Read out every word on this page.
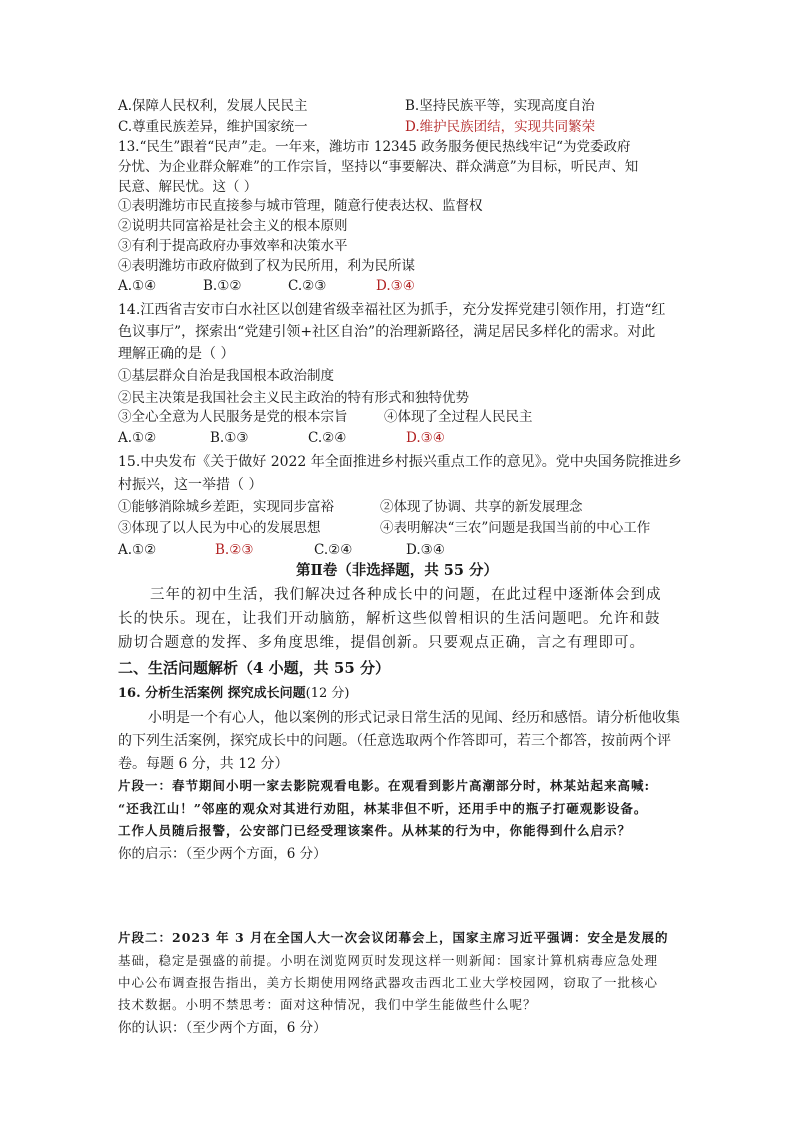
A.保障人民权利，发展人民民主	B.坚持民族平等，实现高度自治
C.尊重民族差异，维护国家统一	D.维护民族团结，实现共同繁荣
13.“民生”跟着“民声”走。一年来，潍坊市 12345 政务服务便民热线牢记“为党委政府
分忧、为企业群众解难”的工作宗旨，坚持以“事要解决、群众满意”为目标，听民声、知
民意、解民忧。这（ ）
①表明潍坊市民直接参与城市管理，随意行使表达权、监督权
②说明共同富裕是社会主义的根本原则
③有利于提高政府办事效率和决策水平
④表明潍坊市政府做到了权为民所用，利为民所谋
A.①④	B.①②	C.②③	D.③④
14.江西省吉安市白水社区以创建省级幸福社区为抓手，充分发挥党建引领作用，打造“红
色议事厅”，探索出“党建引领+社区自治”的治理新路径，满足居民多样化的需求。对此
理解正确的是（ ）
①基层群众自治是我国根本政治制度
②民主决策是我国社会主义民主政治的特有形式和独特优势
③全心全意为人民服务是党的根本宗旨	④体现了全过程人民民主
A.①②	B.①③	C.②④	D.③④
15.中央发布《关于做好 2022 年全面推进乡村振兴重点工作的意见》。党中央国务院推进乡
村振兴，这一举措（ ）
①能够消除城乡差距，实现同步富裕	②体现了协调、共享的新发展理念
③体现了以人民为中心的发展思想	④表明解决“三农”问题是我国当前的中心工作
A.①②	B.②③	C.②④	D.③④
第Ⅱ卷（非选择题，共 55 分）
三年的初中生活，我们解决过各种成长中的问题，在此过程中逐渐体会到成
长的快乐。现在，让我们开动脑筋，解析这些似曾相识的生活问题吧。允许和鼓
励切合题意的发挥、多角度思维，提倡创新。只要观点正确，言之有理即可。
二、生活问题解析（4 小题，共 55 分）
16. 分析生活案例 探究成长问题(12 分)
小明是一个有心人，他以案例的形式记录日常生活的见闻、经历和感悟。请分析他收集
的下列生活案例，探究成长中的问题。（任意选取两个作答即可，若三个都答，按前两个评
卷。每题 6 分，共 12 分）
片段一：春节期间小明一家去影院观看电影。在观看到影片高潮部分时，林某站起来高喊:
“还我江山！”邻座的观众对其进行劝阻，林某非但不听，还用手中的瓶子打砸观影设备。
工作人员随后报警，公安部门已经受理该案件。从林某的行为中，你能得到什么启示？
你的启示：（至少两个方面，6 分）
片段二：2023 年 3 月在全国人大一次会议闭幕会上，国家主席习近平强调：安全是发展的
基础，稳定是强盛的前提。小明在浏览网页时发现这样一则新闻：国家计算机病毒应急处理
中心公布调查报告指出，美方长期使用网络武器攻击西北工业大学校园网，窃取了一批核心
技术数据。小明不禁思考：面对这种情况，我们中学生能做些什么呢？
你的认识：（至少两个方面，6 分）
